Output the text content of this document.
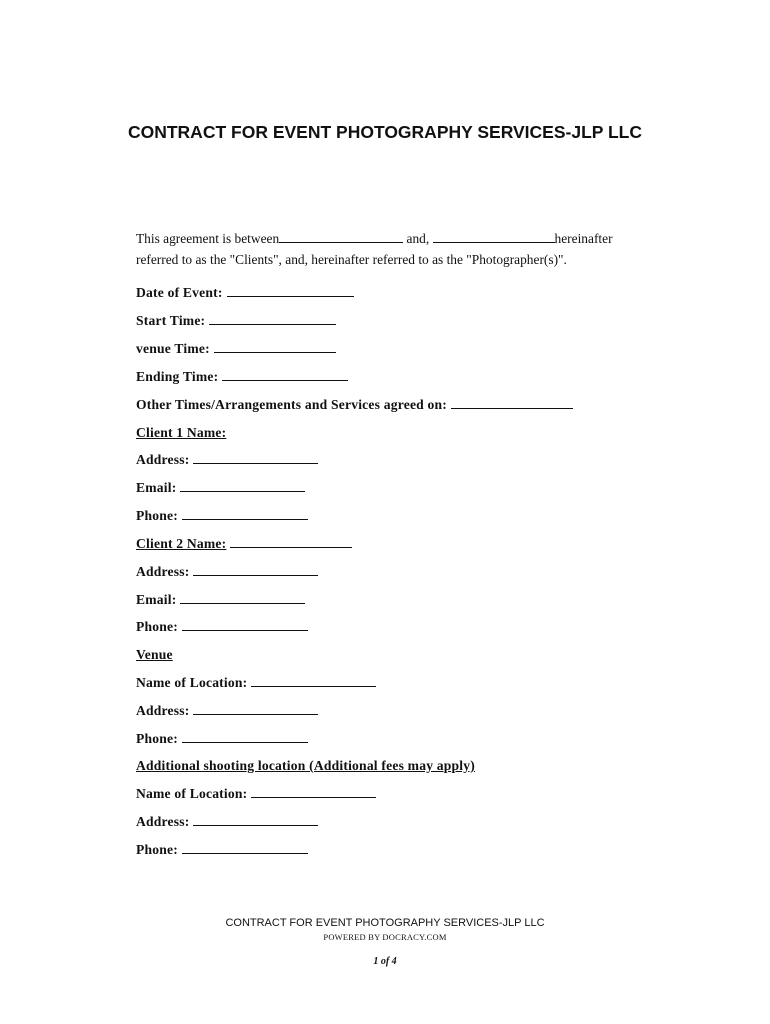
CONTRACT FOR EVENT PHOTOGRAPHY SERVICES-JLP LLC

This agreement is between	and,	hereinafter referred to as the "Clients", and, hereinafter referred to as the "Photographer(s)".

Date of Event:
Start Time:
venue Time:
Ending Time:
Other Times/Arrangements and Services agreed on:
Client 1 Name:
Address:
Email:
Phone:
Client 2 Name:
Address:
Email:
Phone:
Venue
Name of Location:
Address:
Phone:
Additional shooting location (Additional fees may apply)
Name of Location:
Address:
Phone:

CONTRACT FOR EVENT PHOTOGRAPHY SERVICES-JLP LLC

POWERED BY DOCRACY.COM

1 of 4
